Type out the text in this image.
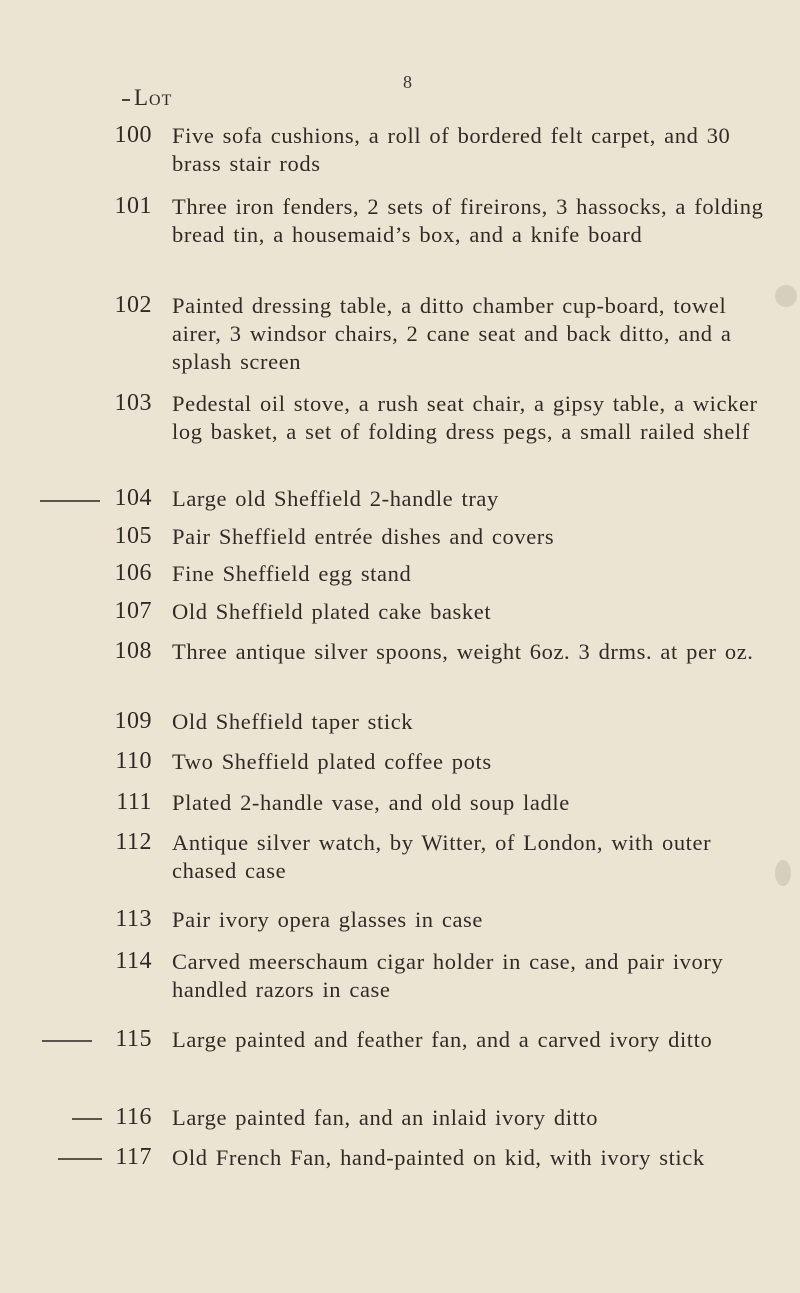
8
Lot
100 Five sofa cushions, a roll of bordered felt carpet, and 30 brass stair rods
101 Three iron fenders, 2 sets of fireirons, 3 hassocks, a folding bread tin, a housemaid’s box, and a knife board
102 Painted dressing table, a ditto chamber cup-board, towel airer, 3 windsor chairs, 2 cane seat and back ditto, and a splash screen
103 Pedestal oil stove, a rush seat chair, a gipsy table, a wicker log basket, a set of folding dress pegs, a small railed shelf
104 Large old Sheffield 2-handle tray
105 Pair Sheffield entrée dishes and covers
106 Fine Sheffield egg stand
107 Old Sheffield plated cake basket
108 Three antique silver spoons, weight 6oz. 3 drms. at per oz.
109 Old Sheffield taper stick
110 Two Sheffield plated coffee pots
111 Plated 2-handle vase, and old soup ladle
112 Antique silver watch, by Witter, of London, with outer chased case
113 Pair ivory opera glasses in case
114 Carved meerschaum cigar holder in case, and pair ivory handled razors in case
115 Large painted and feather fan, and a carved ivory ditto
116 Large painted fan, and an inlaid ivory ditto
117 Old French Fan, hand-painted on kid, with ivory stick
